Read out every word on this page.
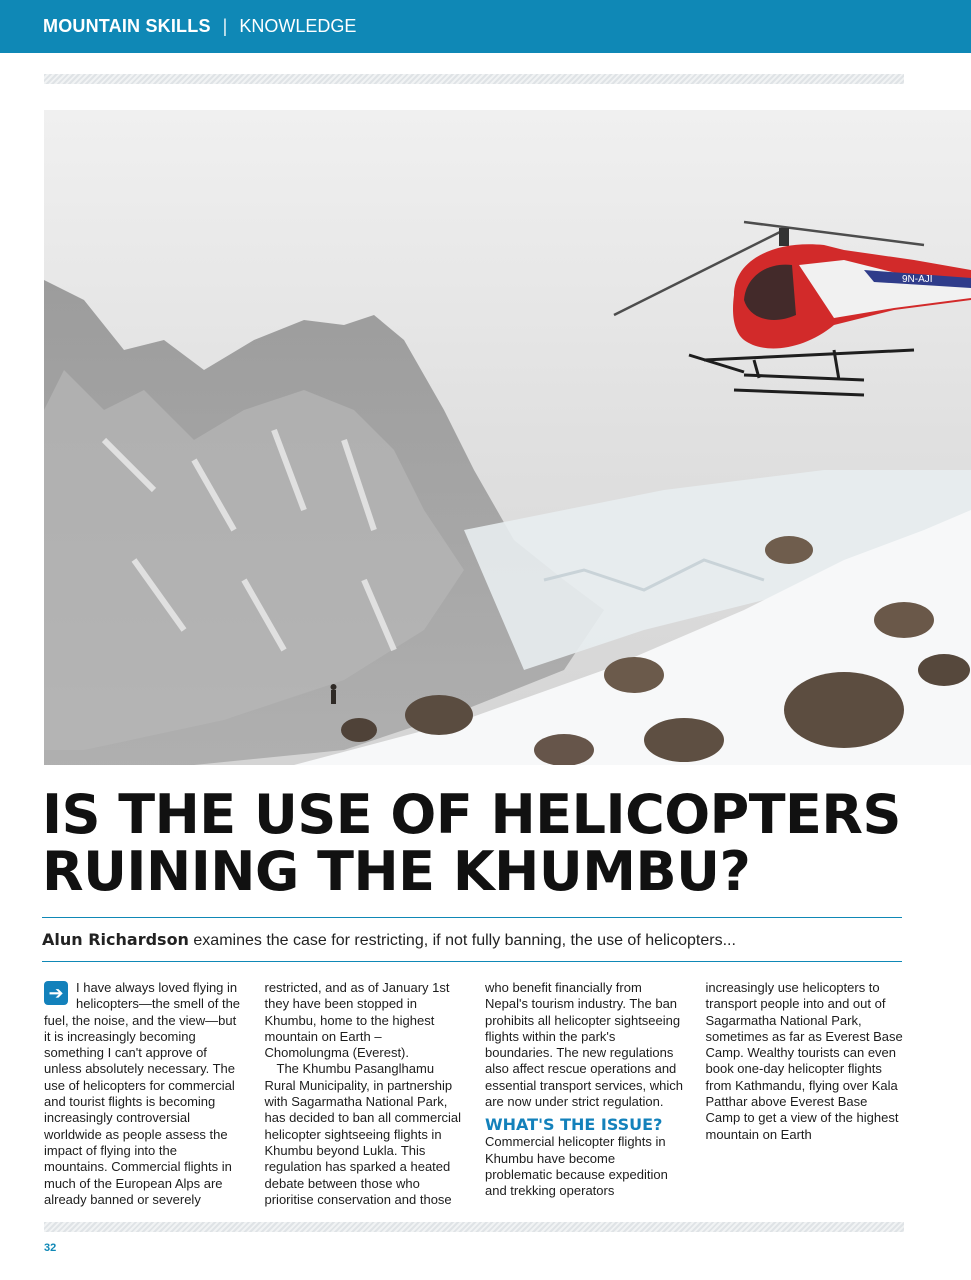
MOUNTAIN SKILLS | KNOWLEDGE
9N-AJI
IS THE USE OF HELICOPTERS
RUINING THE KHUMBU?
Alun Richardson examines the case for restricting, if not fully banning, the use of helicopters...

➔ I have always loved flying in helicopters—the smell of the fuel, the noise, and the view—but it is increasingly becoming something I can't approve of unless absolutely necessary. The use of helicopters for commercial and tourist flights is becoming increasingly controversial worldwide as people assess the impact of flying into the mountains. Commercial flights in much of the European Alps are already banned or severely restricted, and as of January 1st they have been stopped in Khumbu, home to the highest mountain on Earth – Chomolungma (Everest).

The Khumbu Pasanglhamu Rural Municipality, in partnership with Sagarmatha National Park, has decided to ban all commercial helicopter sightseeing flights in Khumbu beyond Lukla. This regulation has sparked a heated debate between those who prioritise conservation and those who benefit financially from Nepal's tourism industry. The ban prohibits all helicopter sightseeing flights within the park's boundaries. The new regulations also affect rescue operations and essential transport services, which are now under strict regulation.

WHAT'S THE ISSUE?

Commercial helicopter flights in Khumbu have become problematic because expedition and trekking operators increasingly use helicopters to transport people into and out of Sagarmatha National Park, sometimes as far as Everest Base Camp. Wealthy tourists can even book one-day helicopter flights from Kathmandu, flying over Kala Patthar above Everest Base Camp to get a view of the highest mountain on Earth

32
